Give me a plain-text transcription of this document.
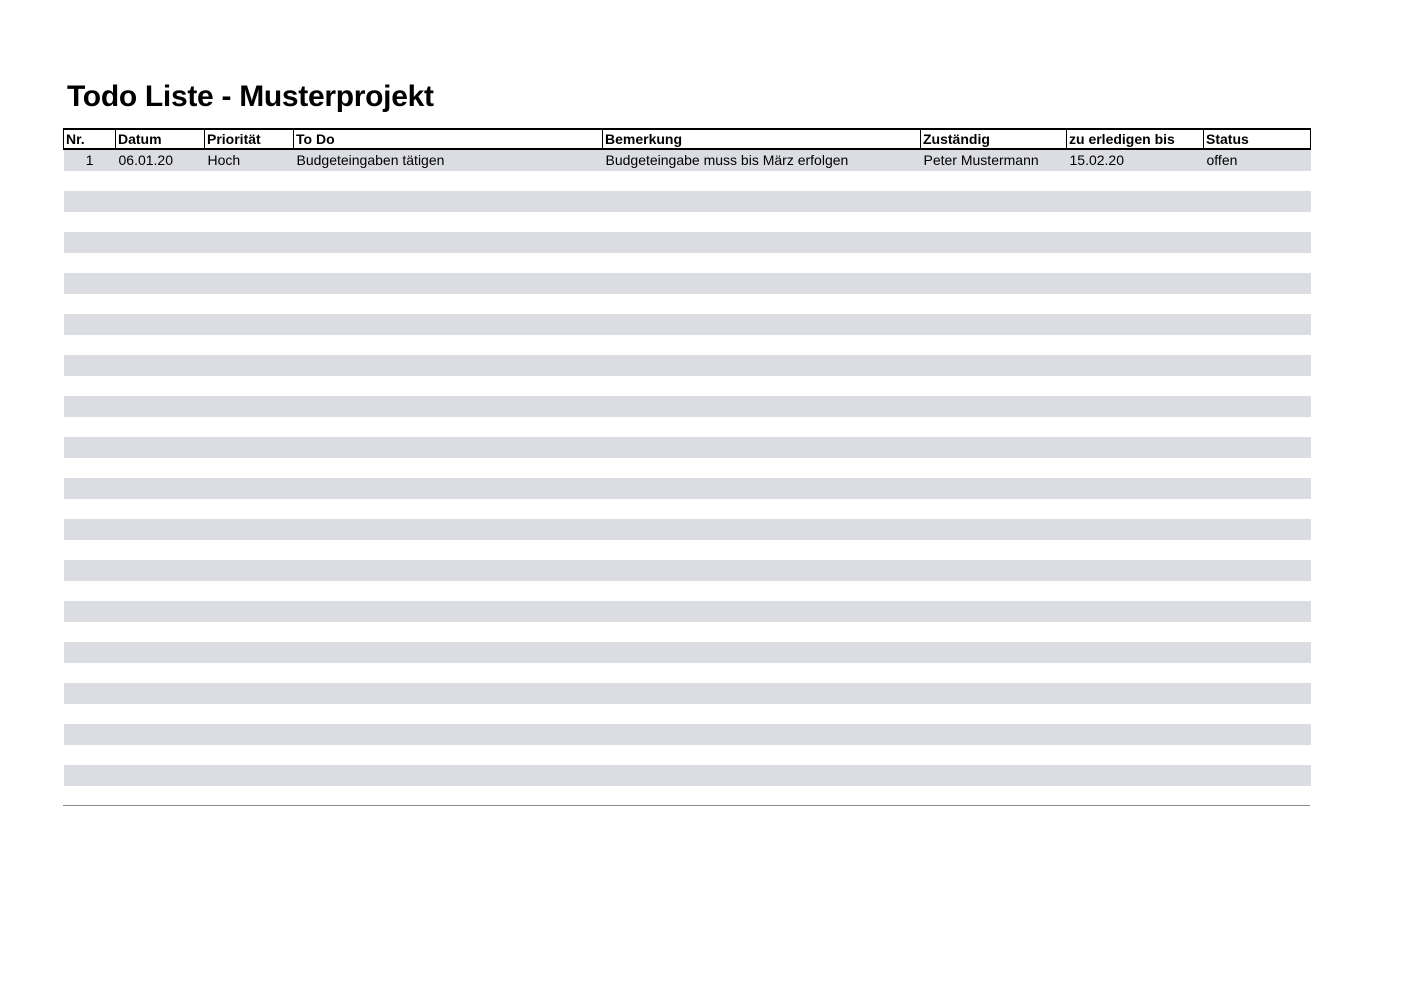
Todo Liste - Musterprojekt
Nr.	Datum	Priorität	To Do	Bemerkung	Zuständig	zu erledigen bis	Status
1	06.01.20	Hoch	Budgeteingaben tätigen	Budgeteingabe muss bis März erfolgen	Peter Mustermann	15.02.20	offen
